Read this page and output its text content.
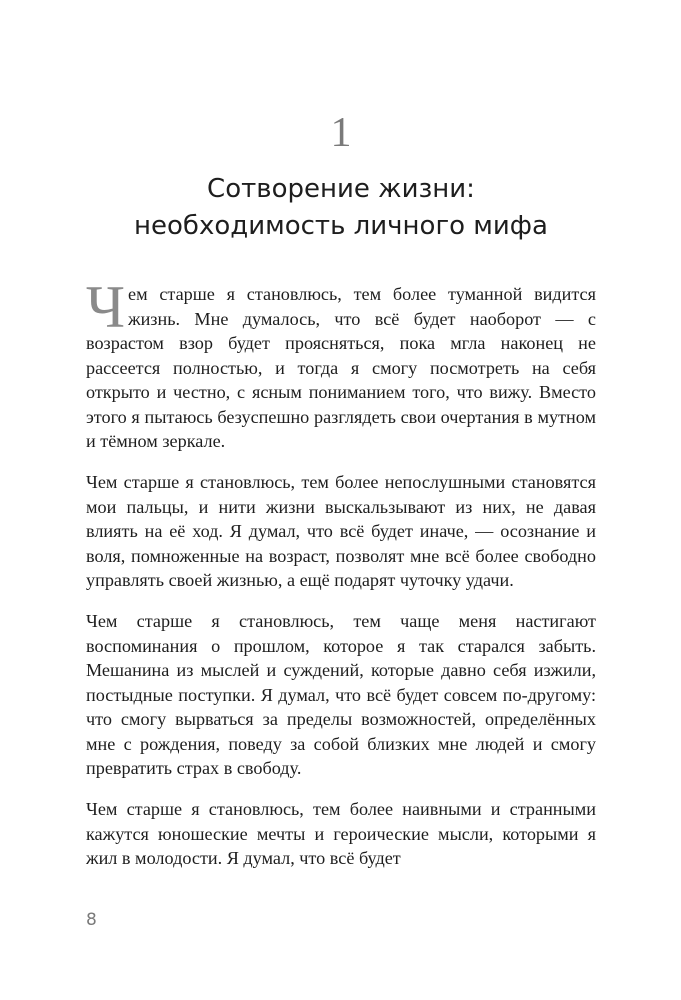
1
Сотворение жизни:
необходимость личного мифа

Чем старше я становлюсь, тем более туманной видится жизнь. Мне думалось, что всё будет наоборот — с возрастом взор будет проясняться, пока мгла наконец не рассеется полностью, и тогда я смогу посмотреть на себя открыто и честно, с ясным пониманием того, что вижу. Вместо этого я пытаюсь безуспешно разглядеть свои очертания в мутном и тёмном зеркале.

Чем старше я становлюсь, тем более непослушными становятся мои пальцы, и нити жизни выскальзывают из них, не давая влиять на её ход. Я думал, что всё будет иначе, — осознание и воля, помноженные на возраст, позволят мне всё более свободно управлять своей жизнью, а ещё подарят чуточку удачи.

Чем старше я становлюсь, тем чаще меня настигают воспоминания о прошлом, которое я так старался забыть. Мешанина из мыслей и суждений, которые давно себя изжили, постыдные поступки. Я думал, что всё будет совсем по-другому: что смогу вырваться за пределы возможностей, определённых мне с рождения, поведу за собой близких мне людей и смогу превратить страх в свободу.

Чем старше я становлюсь, тем более наивными и странными кажутся юношеские мечты и героические мысли, которыми я жил в молодости. Я думал, что всё будет

8
